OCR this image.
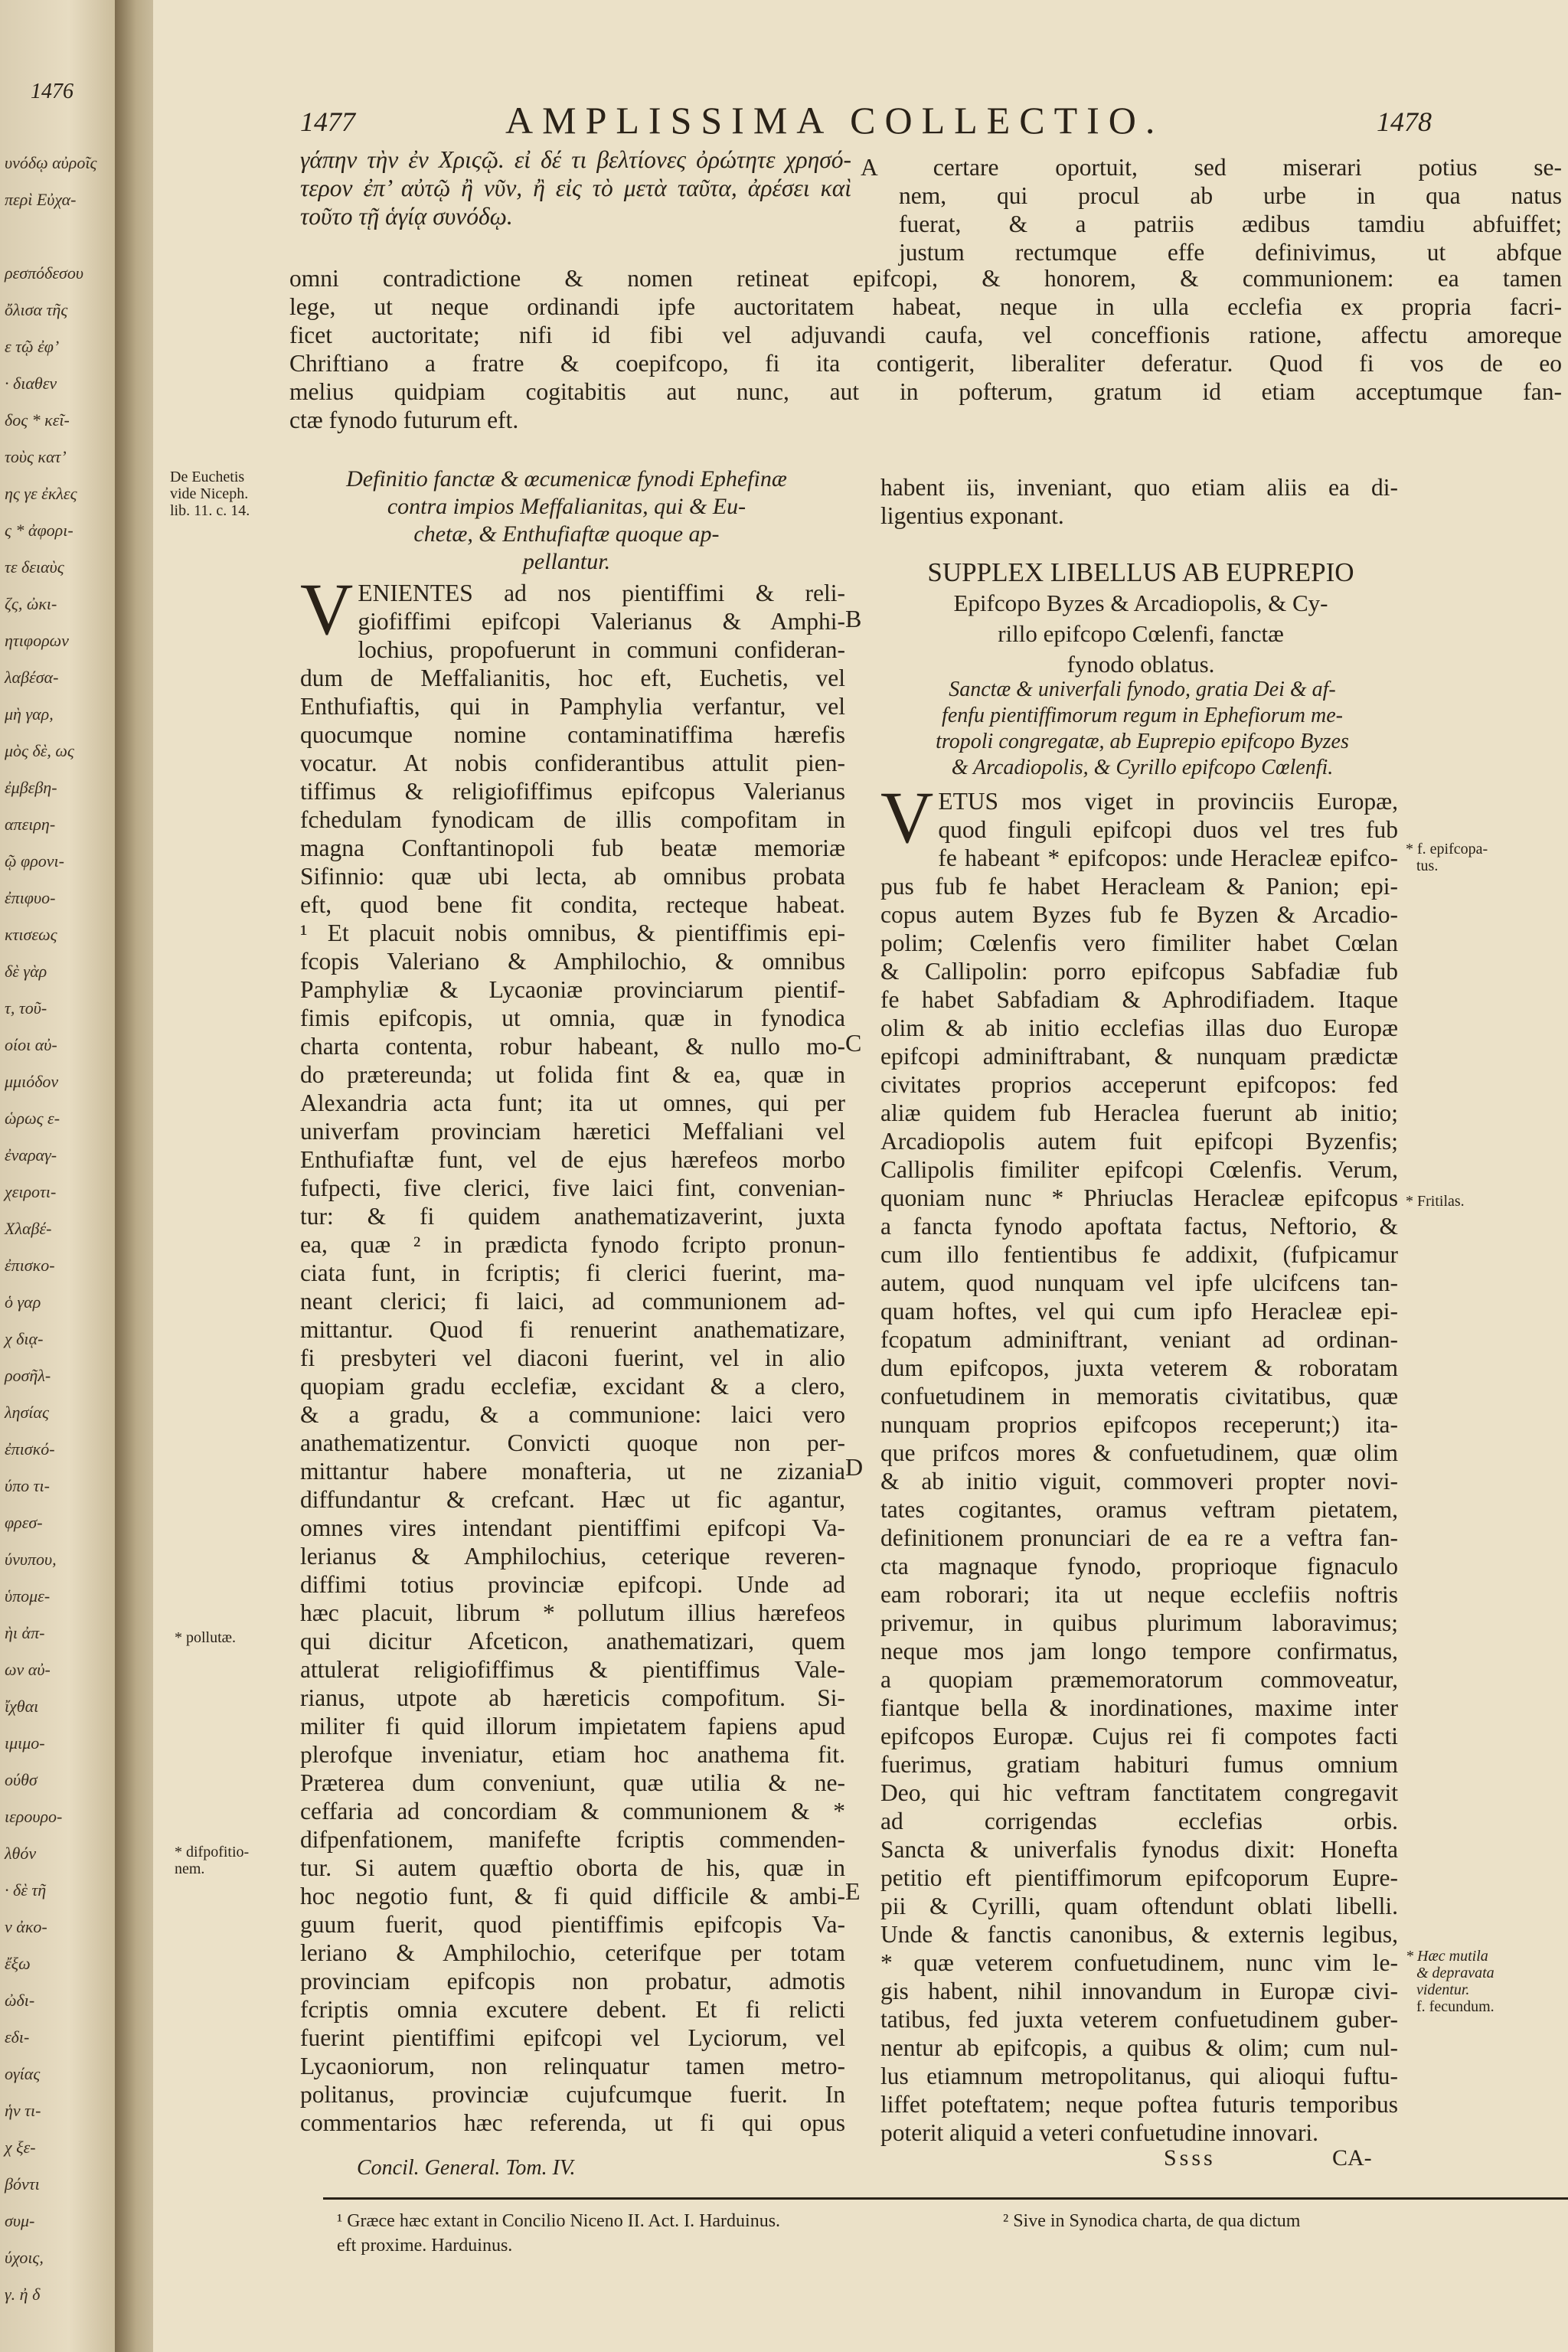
1476
υνόδῳ αὐροῖς
περὶ Εὐχα-
ρεσπόδεσου
ὄλισα τῆς
ε τῷ ἐφ’
· διαθεν
δος * κεῖ-
τοὺς κατ’
ης γε ἐκλες
ς * ἀφορι-
τε δειαὺς
ζς, ὠκι-
ητιφορων
λαβέσα-
μὴ γαρ,
μὸς δὲ, ως
ἐμβεβη-
απειρη-
ῷ φρονι-
ἐπιφυο-
κτισεως
δὲ γὰρ
τ, τοῦ-
οίοι αὐ-
μμιόδον
ὡρως ε-
ἐναραγ-
χειροτι-
Χλαβέ-
ἐπισκο-
ὁ γαρ
χ διᾳ-
ροσῆλ-
λησίας
ἐπισκό-
ύπο τι-
φρεσ-
ύνυπου,
ὑπομε-
ὴι ἀπ-
ων αὐ-
ἴχθαι
ιμιμο-
ούθσ
ιερουρο-
λθόν
· δὲ τῆ
ν ἀκο-
ἔξω
ὠδι-
εδι-
ογίας
ἡν τι-
χ ξε-
βόντι
συμ-
ύχοις,
γ. ἠ δ
1477	AMPLISSIMA COLLECTIO.	1478
γάπην τὴν ἐν Χριςῷ. εἰ δέ τι βελτίονες ὀρώτητε χρησό-
τερον ἐπ’ αὐτῷ ἢ νῦν, ἢ εἰς τὸ μετὰ ταῦτα, ἀρέσει καὶ
τοῦτο τῇ ἁγίᾳ συνόδῳ.
A certare oportuit, sed miserari potius se-
nem, qui procul ab urbe in qua natus
fuerat, & a patriis ædibus tamdiu abfuiffet;
justum rectumque effe definivimus, ut abfque
omni contradictione & nomen retineat epifcopi, & honorem, & communionem: ea tamen
lege, ut neque ordinandi ipfe auctoritatem habeat, neque in ulla ecclefia ex propria facri-
ficet auctoritate; nifi id fibi vel adjuvandi caufa, vel conceffionis ratione, affectu amoreque
Chriftiano a fratre & coepifcopo, fi ita contigerit, liberaliter deferatur. Quod fi vos de eo
melius quidpiam cogitabitis aut nunc, aut in pofterum, gratum id etiam acceptumque fan-
ctæ fynodo futurum eft.
De Euchetis
vide Niceph.
lib. 11. c. 14.
* pollutæ.
* difpofitio-
nem.
* f. epifcopa-
tus.
* Fritilas.
* Hæc mutila
& depravata
videntur.
f. fecundum.
B
C
D
E
Definitio fanctæ & œcumenicæ fynodi Ephefinæ
contra impios Meffalianitas, qui & Eu-
chetæ, & Enthufiaftæ quoque ap-
pellantur.
V ENIENTES ad nos pientiffimi & reli-
giofiffimi epifcopi Valerianus & Amphi-
lochius, propofuerunt in communi confideran-
dum de Meffalianitis, hoc eft, Euchetis, vel
Enthufiaftis, qui in Pamphylia verfantur, vel
quocumque nomine contaminatiffima hærefis
vocatur. At nobis confiderantibus attulit pien-
tiffimus & religiofiffimus epifcopus Valerianus
fchedulam fynodicam de illis compofitam in
magna Conftantinopoli fub beatæ memoriæ
Sifinnio: quæ ubi lecta, ab omnibus probata
eft, quod bene fit condita, recteque habeat.
¹ Et placuit nobis omnibus, & pientiffimis epi-
fcopis Valeriano & Amphilochio, & omnibus
Pamphyliæ & Lycaoniæ provinciarum pientif-
fimis epifcopis, ut omnia, quæ in fynodica
charta contenta, robur habeant, & nullo mo-
do prætereunda; ut folida fint & ea, quæ in
Alexandria acta funt; ita ut omnes, qui per
univerfam provinciam hæretici Meffaliani vel
Enthufiaftæ funt, vel de ejus hærefeos morbo
fufpecti, five clerici, five laici fint, convenian-
tur: & fi quidem anathematizaverint, juxta
ea, quæ ² in prædicta fynodo fcripto pronun-
ciata funt, in fcriptis; fi clerici fuerint, ma-
neant clerici; fi laici, ad communionem ad-
mittantur. Quod fi renuerint anathematizare,
fi presbyteri vel diaconi fuerint, vel in alio
quopiam gradu ecclefiæ, excidant & a clero,
& a gradu, & a communione: laici vero
anathematizentur. Convicti quoque non per-
mittantur habere monafteria, ut ne zizania
diffundantur & crefcant. Hæc ut fic agantur,
omnes vires intendant pientiffimi epifcopi Va-
lerianus & Amphilochius, ceterique reveren-
diffimi totius provinciæ epifcopi. Unde ad
hæc placuit, librum * pollutum illius hærefeos
qui dicitur Afceticon, anathematizari, quem
attulerat religiofiffimus & pientiffimus Vale-
rianus, utpote ab hæreticis compofitum. Si-
militer fi quid illorum impietatem fapiens apud
plerofque inveniatur, etiam hoc anathema fit.
Præterea dum conveniunt, quæ utilia & ne-
ceffaria ad concordiam & communionem & *
difpenfationem, manifefte fcriptis commenden-
tur. Si autem quæftio oborta de his, quæ in
hoc negotio funt, & fi quid difficile & ambi-
guum fuerit, quod pientiffimis epifcopis Va-
leriano & Amphilochio, ceterifque per totam
provinciam epifcopis non probatur, admotis
fcriptis omnia excutere debent. Et fi relicti
fuerint pientiffimi epifcopi vel Lyciorum, vel
Lycaoniorum, non relinquatur tamen metro-
politanus, provinciæ cujufcumque fuerit. In
commentarios hæc referenda, ut fi qui opus
habent iis, inveniant, quo etiam aliis ea di-
ligentius exponant.
SUPPLEX LIBELLUS AB EUPREPIO
Epifcopo Byzes & Arcadiopolis, & Cy-
rillo epifcopo Cœlenfi, fanctæ
fynodo oblatus.
Sanctæ & univerfali fynodo, gratia Dei & af-
fenfu pientiffimorum regum in Ephefiorum me-
tropoli congregatæ, ab Euprepio epifcopo Byzes
& Arcadiopolis, & Cyrillo epifcopo Cœlenfi.
V ETUS mos viget in provinciis Europæ,
quod finguli epifcopi duos vel tres fub
fe habeant * epifcopos: unde Heracleæ epifco-
pus fub fe habet Heracleam & Panion; epi-
copus autem Byzes fub fe Byzen & Arcadio-
polim; Cœlenfis vero fimiliter habet Cœlan
& Callipolin: porro epifcopus Sabfadiæ fub
fe habet Sabfadiam & Aphrodifiadem. Itaque
olim & ab initio ecclefias illas duo Europæ
epifcopi adminiftrabant, & nunquam prædictæ
civitates proprios acceperunt epifcopos: fed
aliæ quidem fub Heraclea fuerunt ab initio;
Arcadiopolis autem fuit epifcopi Byzenfis;
Callipolis fimiliter epifcopi Cœlenfis. Verum,
quoniam nunc * Phriuclas Heracleæ epifcopus
a fancta fynodo apoftata factus, Neftorio, &
cum illo fentientibus fe addixit, (fufpicamur
autem, quod nunquam vel ipfe ulcifcens tan-
quam hoftes, vel qui cum ipfo Heracleæ epi-
fcopatum adminiftrant, veniant ad ordinan-
dum epifcopos, juxta veterem & roboratam
confuetudinem in memoratis civitatibus, quæ
nunquam proprios epifcopos receperunt;) ita-
que prifcos mores & confuetudinem, quæ olim
& ab initio viguit, commoveri propter novi-
tates cogitantes, oramus veftram pietatem,
definitionem pronunciari de ea re a veftra fan-
cta magnaque fynodo, proprioque fignaculo
eam roborari; ita ut neque ecclefiis noftris
privemur, in quibus plurimum laboravimus;
neque mos jam longo tempore confirmatus,
a quopiam præmemoratorum commoveatur,
fiantque bella & inordinationes, maxime inter
epifcopos Europæ. Cujus rei fi compotes facti
fuerimus, gratiam habituri fumus omnium
Deo, qui hic veftram fanctitatem congregavit
ad corrigendas ecclefias orbis.
Sancta & univerfalis fynodus dixit: Honefta
petitio eft pientiffimorum epifcoporum Eupre-
pii & Cyrilli, quam oftendunt oblati libelli.
Unde & fanctis canonibus, & externis legibus,
* quæ veterem confuetudinem, nunc vim le-
gis habent, nihil innovandum in Europæ civi-
tatibus, fed juxta veterem confuetudinem guber-
nentur ab epifcopis, a quibus & olim; cum nul-
lus etiamnum metropolitanus, qui alioqui fuftu-
liffet poteftatem; neque poftea futuris temporibus
poterit aliquid a veteri confuetudine innovari.
Ssss	CA-
Concil. General. Tom. IV.
¹ Græce hæc extant in Concilio Niceno II. Act. I. Harduinus.	² Sive in Synodica charta, de qua dictum
eft proxime. Harduinus.
